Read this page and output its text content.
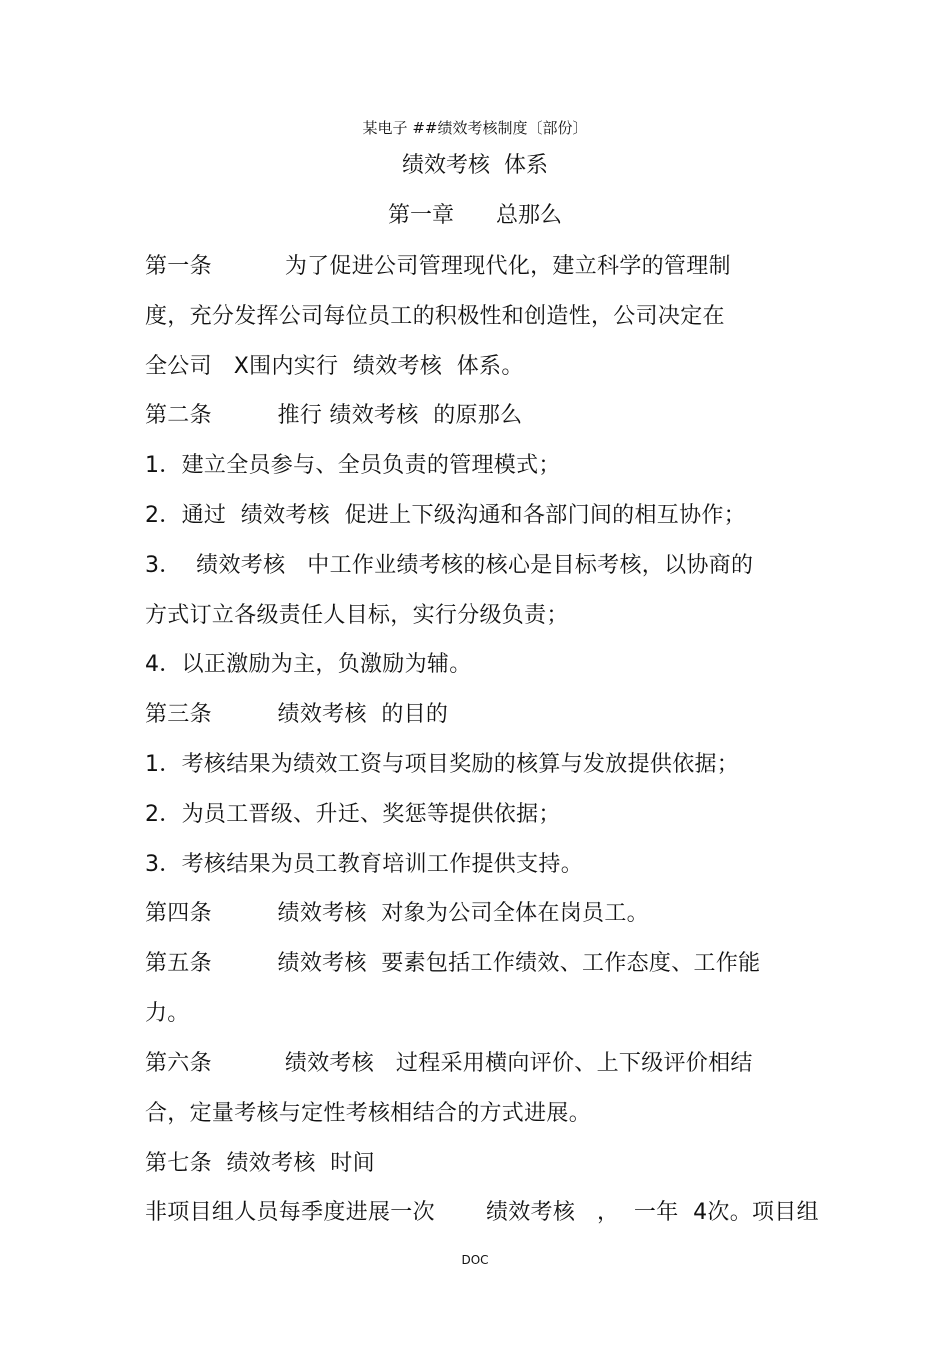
某电子 ##绩效考核制度〔部份〕
绩效考核  体系
第一章      总那么
第一条          为了促进公司管理现代化，建立科学的管理制
度，充分发挥公司每位员工的积极性和创造性，公司决定在
全公司   X围内实行  绩效考核  体系。
第二条         推行 绩效考核  的原那么
1．建立全员参与、全员负责的管理模式；
2．通过  绩效考核  促进上下级沟通和各部门间的相互协作；
3．  绩效考核   中工作业绩考核的核心是目标考核，以协商的
方式订立各级责任人目标，实行分级负责；
4．以正激励为主，负激励为辅。
第三条         绩效考核  的目的
1．考核结果为绩效工资与项目奖励的核算与发放提供依据；
2．为员工晋级、升迁、奖惩等提供依据；
3．考核结果为员工教育培训工作提供支持。
第四条         绩效考核  对象为公司全体在岗员工。
第五条         绩效考核  要素包括工作绩效、工作态度、工作能
力。
第六条          绩效考核   过程采用横向评价、上下级评价相结
合，定量考核与定性考核相结合的方式进展。
第七条  绩效考核  时间
非项目组人员每季度进展一次       绩效考核   ，  一年  4次。项目组
DOC
